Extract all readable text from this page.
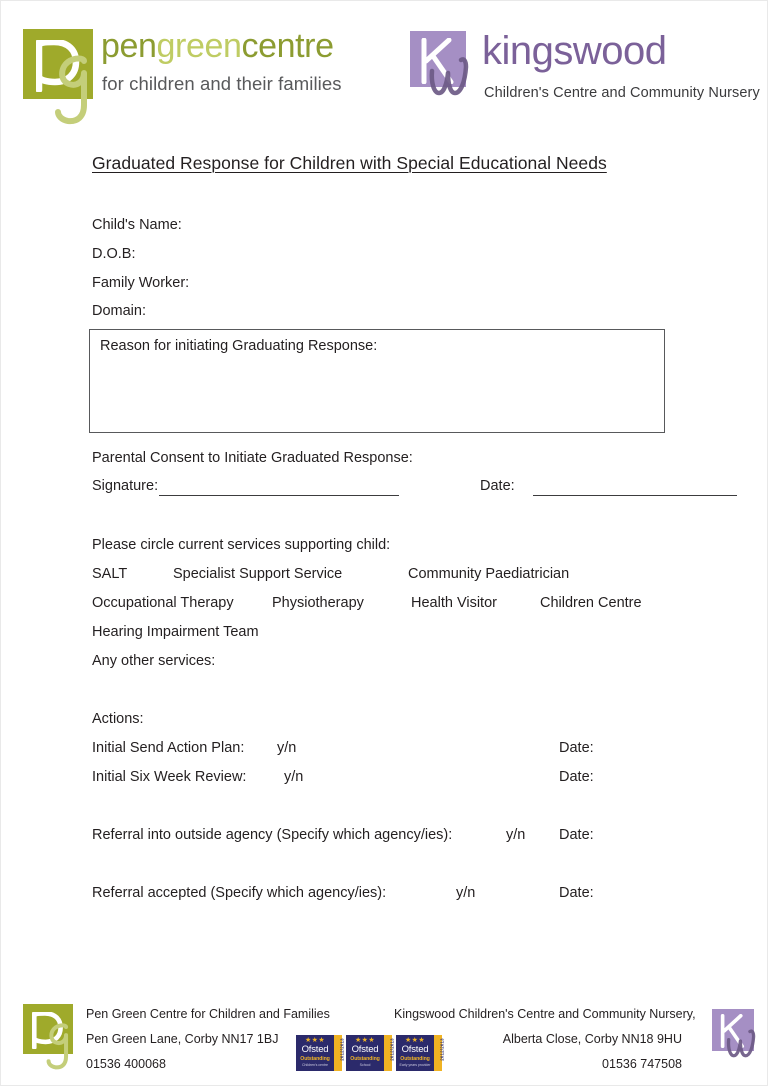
pengreencentre
for children and their families
kingswood
Children's Centre and Community Nursery
Graduated Response for Children with Special Educational Needs
Child's Name:
D.O.B:
Family Worker:
Domain:
Reason for initiating Graduating Response:
Parental Consent to Initiate Graduated Response:
Signature:	Date:
Please circle current services supporting child:
SALT	Specialist Support Service	Community Paediatrician
Occupational Therapy	Physiotherapy	Health Visitor	Children Centre
Hearing Impairment Team
Any other services:
Actions:
Initial Send Action Plan: y/n	Date:
Initial Six Week Review:	y/n	Date:
Referral into outside agency (Specify which agency/ies):	y/n Date:
Referral accepted (Specify which agency/ies):	y/n	Date:
Pen Green Centre for Children and Families
Pen Green Lane, Corby NN17 1BJ
01536 400068
Kingswood Children's Centre and Community Nursery,
Alberta Close, Corby NN18 9HU
01536 747508
★★★
Ofsted
Outstanding
Children's centre
2012/2013	★★★
Ofsted
Outstanding
School
2012/2013	★★★
Ofsted
Outstanding
Early years provider
2012/2013
